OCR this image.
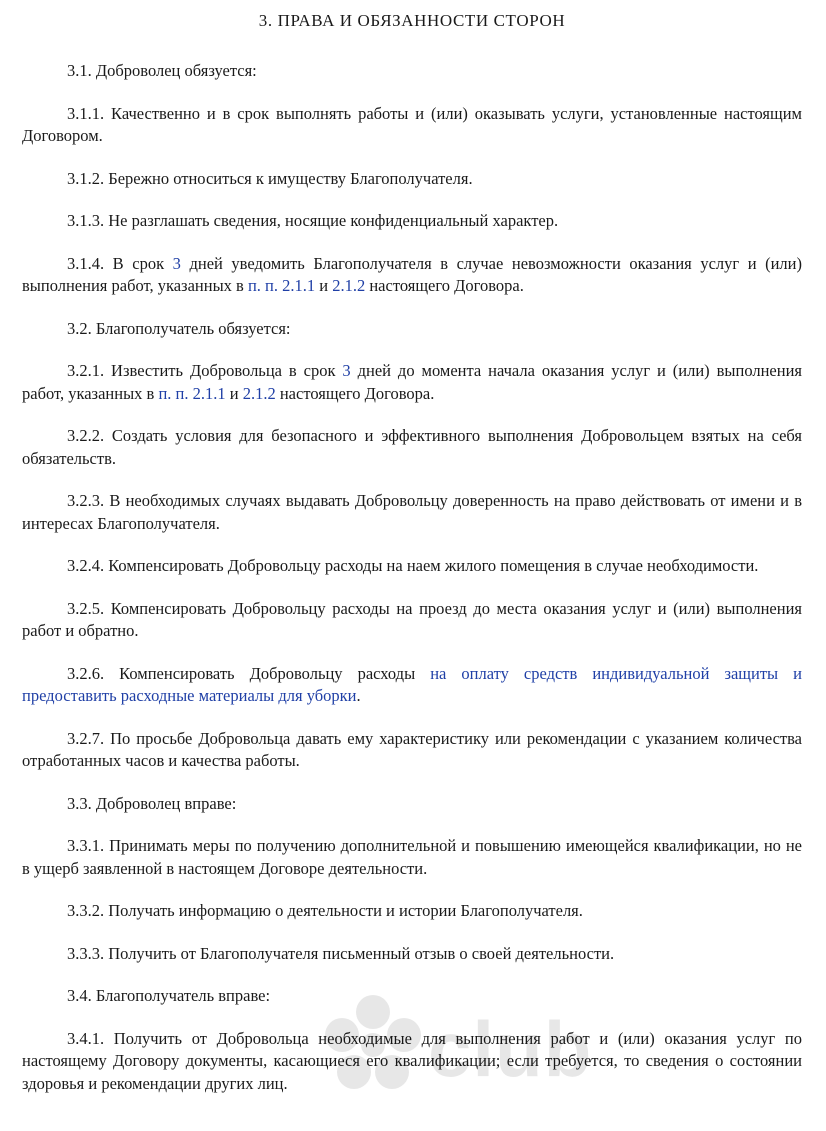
3. ПРАВА И ОБЯЗАННОСТИ СТОРОН

3.1. Доброволец обязуется:

3.1.1. Качественно и в срок выполнять работы и (или) оказывать услуги, установленные настоящим Договором.

3.1.2. Бережно относиться к имуществу Благополучателя.

3.1.3. Не разглашать сведения, носящие конфиденциальный характер.

3.1.4. В срок 3 дней уведомить Благополучателя в случае невозможности оказания услуг и (или) выполнения работ, указанных в п. п. 2.1.1 и 2.1.2 настоящего Договора.

3.2. Благополучатель обязуется:

3.2.1. Известить Добровольца в срок 3 дней до момента начала оказания услуг и (или) выполнения работ, указанных в п. п. 2.1.1 и 2.1.2 настоящего Договора.

3.2.2. Создать условия для безопасного и эффективного выполнения Добровольцем взятых на себя обязательств.

3.2.3. В необходимых случаях выдавать Добровольцу доверенность на право действовать от имени и в интересах Благополучателя.

3.2.4. Компенсировать Добровольцу расходы на наем жилого помещения в случае необходимости.

3.2.5. Компенсировать Добровольцу расходы на проезд до места оказания услуг и (или) выполнения работ и обратно.

3.2.6. Компенсировать Добровольцу расходы на оплату средств индивидуальной защиты и предоставить расходные материалы для уборки.

3.2.7. По просьбе Добровольца давать ему характеристику или рекомендации с указанием количества отработанных часов и качества работы.

3.3. Доброволец вправе:

3.3.1. Принимать меры по получению дополнительной и повышению имеющейся квалификации, но не в ущерб заявленной в настоящем Договоре деятельности.

3.3.2. Получать информацию о деятельности и истории Благополучателя.

3.3.3. Получить от Благополучателя письменный отзыв о своей деятельности.

3.4. Благополучатель вправе:

3.4.1. Получить от Добровольца необходимые для выполнения работ и (или) оказания услуг по настоящему Договору документы, касающиеся его квалификации; если требуется, то сведения о состоянии здоровья и рекомендации других лиц.	club
